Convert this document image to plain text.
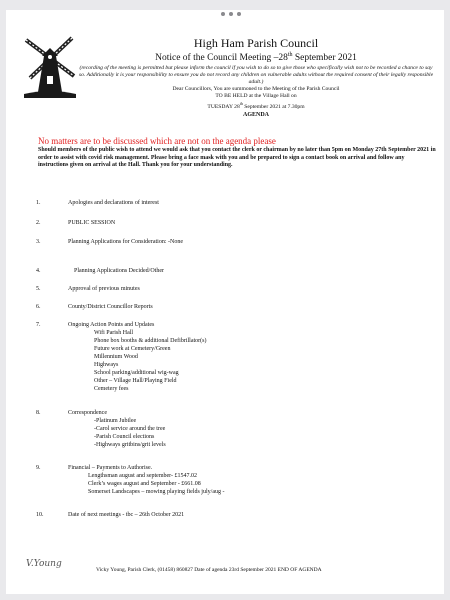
High Ham Parish Council
Notice of the Council Meeting –28th September 2021
(recording of the meeting is permitted but please inform the council if you wish to do so to give those who specifically wish not to be recorded a chance to say so. Additionally it is your responsibility to ensure you do not record any children on vulnerable adults without the required consent of their legally responsible adult.)
Dear Councillors, You are summoned to the Meeting of the Parish Council
TO BE HELD at the Village Hall on
TUESDAY 28th September 2021 at 7.30pm
AGENDA
No matters are to be discussed which are not on the agenda please
Should members of the public wish to attend we would ask that you contact the clerk or chairman by no later than 5pm on Monday 27th September 2021 in order to assist with covid risk management. Please bring a face mask with you and be prepared to sign a contact book on arrival and follow any instructions given on arrival at the Hall. Thank you for your understanding.
1.	Apologies and declarations of interest
2.	PUBLIC SESSION
3.	Planning Applications for Consideration: -None
4.	Planning Applications Decided/Other
5.	Approval of previous minutes
6.	County/District Councillor Reports
7.	Ongoing Action Points and Updates
Wifi Parish Hall
Phone box booths & additional Defibrillator(s)
Future work at Cemetery/Green
Millennium Wood
Highways
School parking/additional wig-wag
Other – Village Hall/Playing Field
Cemetery fees
8.	Correspondence
-Platinum Jubilee
-Carol service around the tree
-Parish Council elections
-Highways gritbins/grit levels
9.	Financial – Payments to Authorise.
Lengthsman august and september- £1547.02
Clerk’s wages august and September - £661.08
Somerset Landscapes – mowing playing fields july/aug -
10.	Date of next meetings - tbc – 26th October 2021
V.Young
Vicky Young, Parish Clerk, (01458) 860827 Date of agenda 23rd September 2021 END OF AGENDA
